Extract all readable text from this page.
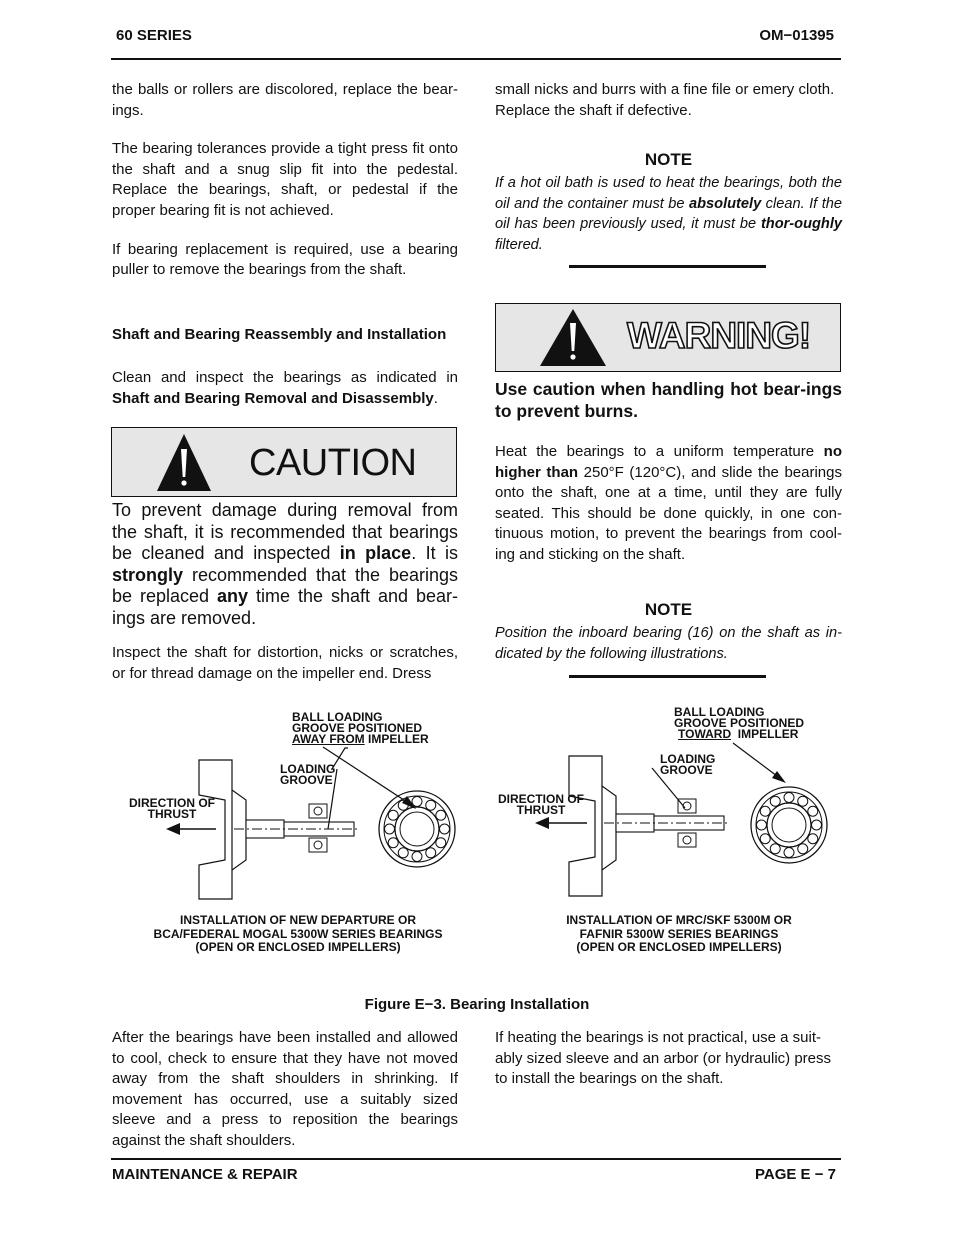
60 SERIES	OM−01395

the balls or rollers are discolored, replace the bear-ings.

The bearing tolerances provide a tight press fit onto the shaft and a snug slip fit into the pedestal. Replace the bearings, shaft, or pedestal if the proper bearing fit is not achieved.

If bearing replacement is required, use a bearing puller to remove the bearings from the shaft.

Shaft and Bearing Reassembly and Installation
Clean and inspect the bearings as indicated in Shaft and Bearing Removal and Disassembly.
CAUTION
To prevent damage during removal from the shaft, it is recommended that bearings be cleaned and inspected in place. It is strongly recommended that the bearings be replaced any time the shaft and bear-ings are removed.
Inspect the shaft for distortion, nicks or scratches, or for thread damage on the impeller end. Dress
small nicks and burrs with a fine file or emery cloth. Replace the shaft if defective.
NOTE
If a hot oil bath is used to heat the bearings, both the oil and the container must be absolutely clean. If the oil has been previously used, it must be thor-oughly filtered.
WARNING!
Use caution when handling hot bear-ings to prevent burns.
Heat the bearings to a uniform temperature no higher than 250°F (120°C), and slide the bearings onto the shaft, one at a time, until they are fully seated. This should be done quickly, in one con-tinuous motion, to prevent the bearings from cool-ing and sticking on the shaft.
NOTE
Position the inboard bearing (16) on the shaft as in-dicated by the following illustrations.
BALL LOADING
GROOVE POSITIONED
AWAY FROM IMPELLER
LOADING
GROOVE
DIRECTION OF
THRUST
INSTALLATION OF NEW DEPARTURE OR
BCA/FEDERAL MOGAL 5300W SERIES BEARINGS
(OPEN OR ENCLOSED IMPELLERS)
BALL LOADING
GROOVE POSITIONED
TOWARD  IMPELLER
LOADING
GROOVE
DIRECTION OF
THRUST
INSTALLATION OF MRC/SKF 5300M OR
FAFNIR 5300W SERIES BEARINGS
(OPEN OR ENCLOSED IMPELLERS)
Figure E−3. Bearing Installation
After the bearings have been installed and allowed to cool, check to ensure that they have not moved away from the shaft shoulders in shrinking. If movement has occurred, use a suitably sized sleeve and a press to reposition the bearings against the shaft shoulders.
If heating the bearings is not practical, use a suit-ably sized sleeve and an arbor (or hydraulic) press to install the bearings on the shaft.
MAINTENANCE & REPAIR	PAGE E − 7
